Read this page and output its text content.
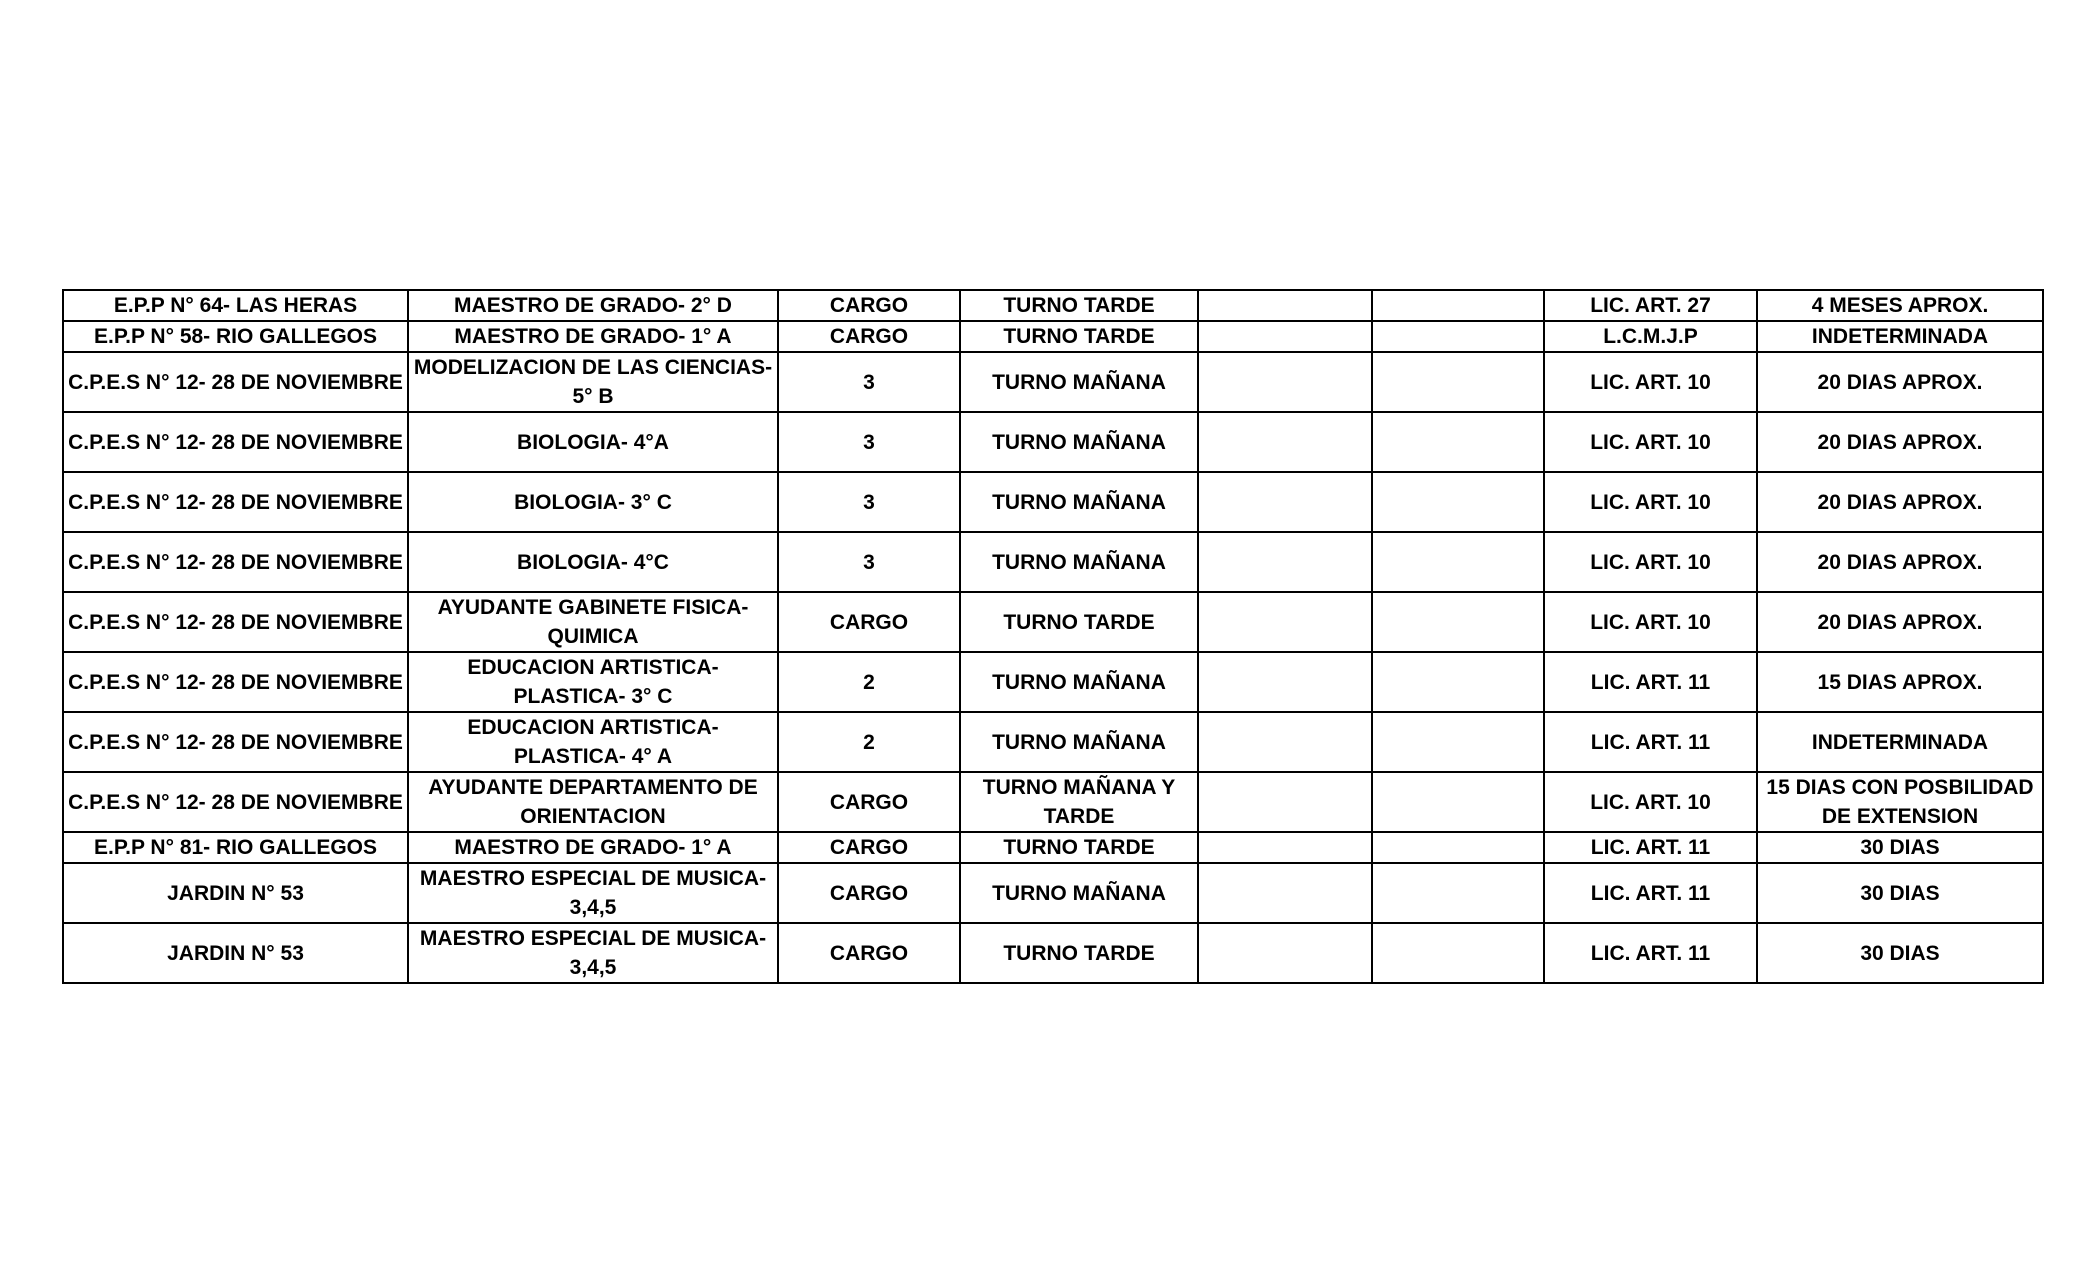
E.P.P N° 64- LAS HERAS	MAESTRO DE GRADO- 2° D	CARGO	TURNO TARDE			LIC. ART. 27	4 MESES APROX.
E.P.P N° 58- RIO GALLEGOS	MAESTRO DE GRADO- 1° A	CARGO	TURNO TARDE			L.C.M.J.P	INDETERMINADA
C.P.E.S N° 12- 28 DE NOVIEMBRE	MODELIZACION DE LAS CIENCIAS- 5° B	3	TURNO MAÑANA			LIC. ART. 10	20 DIAS APROX.
C.P.E.S N° 12- 28 DE NOVIEMBRE	BIOLOGIA- 4°A	3	TURNO MAÑANA			LIC. ART. 10	20 DIAS APROX.
C.P.E.S N° 12- 28 DE NOVIEMBRE	BIOLOGIA- 3° C	3	TURNO MAÑANA			LIC. ART. 10	20 DIAS APROX.
C.P.E.S N° 12- 28 DE NOVIEMBRE	BIOLOGIA- 4°C	3	TURNO MAÑANA			LIC. ART. 10	20 DIAS APROX.
C.P.E.S N° 12- 28 DE NOVIEMBRE	AYUDANTE GABINETE FISICA-QUIMICA	CARGO	TURNO TARDE			LIC. ART. 10	20 DIAS APROX.
C.P.E.S N° 12- 28 DE NOVIEMBRE	EDUCACION ARTISTICA- PLASTICA- 3° C	2	TURNO MAÑANA			LIC. ART. 11	15 DIAS APROX.
C.P.E.S N° 12- 28 DE NOVIEMBRE	EDUCACION ARTISTICA- PLASTICA- 4° A	2	TURNO MAÑANA			LIC. ART. 11	INDETERMINADA
C.P.E.S N° 12- 28 DE NOVIEMBRE	AYUDANTE DEPARTAMENTO DE ORIENTACION	CARGO	TURNO MAÑANA Y TARDE			LIC. ART. 10	15 DIAS CON POSBILIDAD DE EXTENSION
E.P.P N° 81- RIO GALLEGOS	MAESTRO DE GRADO- 1° A	CARGO	TURNO TARDE			LIC. ART. 11	30 DIAS
JARDIN N° 53	MAESTRO ESPECIAL DE MUSICA- 3,4,5	CARGO	TURNO MAÑANA			LIC. ART. 11	30 DIAS
JARDIN N° 53	MAESTRO ESPECIAL DE MUSICA- 3,4,5	CARGO	TURNO TARDE			LIC. ART. 11	30 DIAS
